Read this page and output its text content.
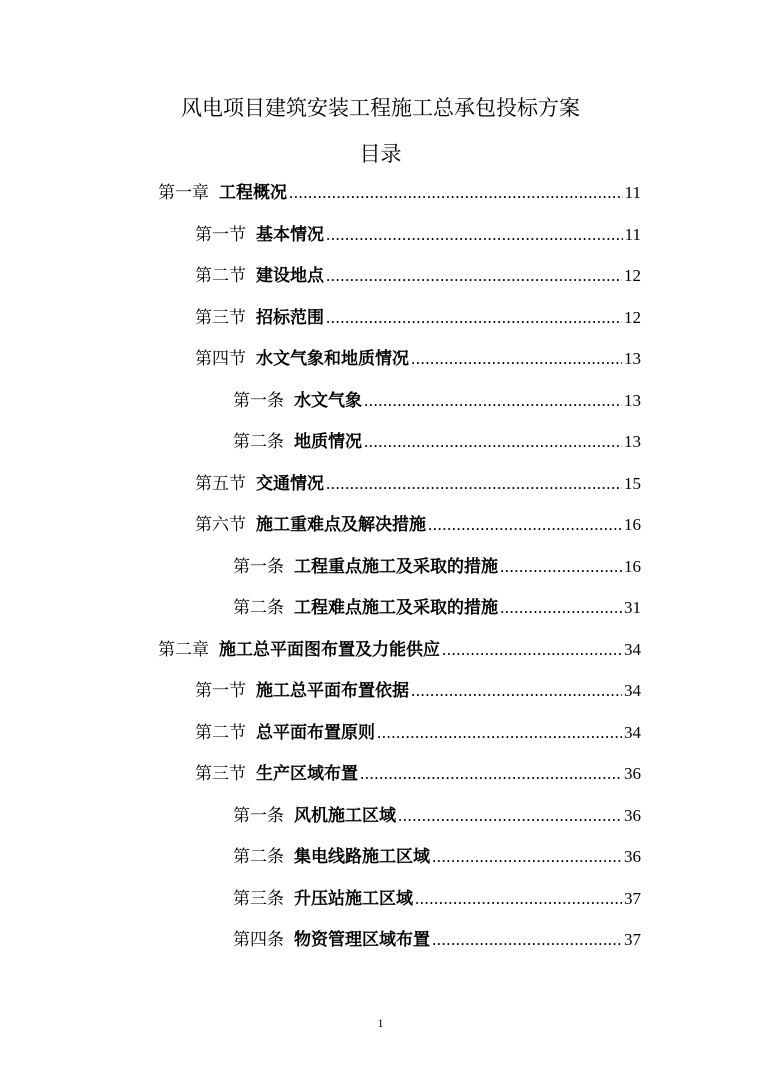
风电项目建筑安装工程施工总承包投标方案
目录
第一章 工程概况 .....	11
第一节 基本情况 .....	11
第二节 建设地点 .....	12
第三节 招标范围 .....	12
第四节 水文气象和地质情况 .....	13
第一条 水文气象 .....	13
第二条 地质情况 .....	13
第五节 交通情况 .....	15
第六节 施工重难点及解决措施 .....	16
第一条 工程重点施工及采取的措施 .....	16
第二条 工程难点施工及采取的措施 .....	31
第二章 施工总平面图布置及力能供应 .....	34
第一节 施工总平面布置依据 .....	34
第二节 总平面布置原则 .....	34
第三节 生产区域布置 .....	36
第一条 风机施工区域 .....	36
第二条 集电线路施工区域 .....	36
第三条 升压站施工区域 .....	37
第四条 物资管理区域布置 .....	37
1
